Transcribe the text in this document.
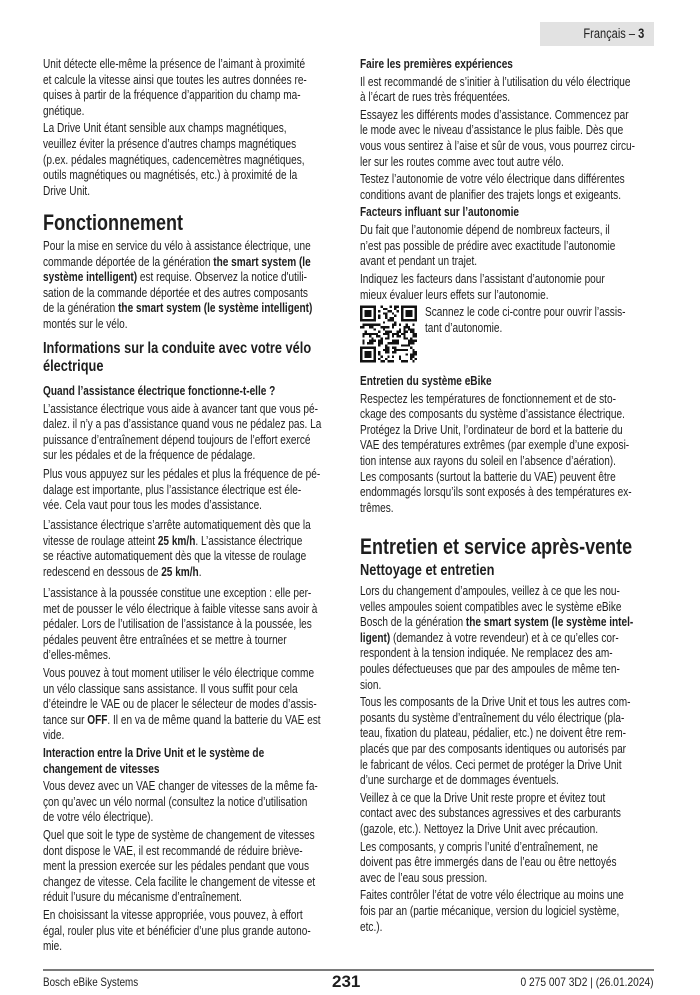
Français – 3
Unit détecte elle-même la présence de l’aimant à proximité
et calcule la vitesse ainsi que toutes les autres données re-
quises à partir de la fréquence d’apparition du champ ma-
gnétique.
La Drive Unit étant sensible aux champs magnétiques,
veuillez éviter la présence d’autres champs magnétiques
(p.ex. pédales magnétiques, cadencemètres magnétiques,
outils magnétiques ou magnétisés, etc.) à proximité de la
Drive Unit.
Fonctionnement
Pour la mise en service du vélo à assistance électrique, une
commande déportée de la génération the smart system (le
système intelligent) est requise. Observez la notice d'utili-
sation de la commande déportée et des autres composants
de la génération the smart system (le système intelligent)
montés sur le vélo.
Informations sur la conduite avec votre vélo
électrique
Quand l’assistance électrique fonctionne-t-elle ?
L’assistance électrique vous aide à avancer tant que vous pé-
dalez. il n’y a pas d’assistance quand vous ne pédalez pas. La
puissance d’entraînement dépend toujours de l’effort exercé
sur les pédales et de la fréquence de pédalage.
Plus vous appuyez sur les pédales et plus la fréquence de pé-
dalage est importante, plus l’assistance électrique est éle-
vée. Cela vaut pour tous les modes d’assistance.
L’assistance électrique s’arrête automatiquement dès que la
vitesse de roulage atteint 25 km/h. L’assistance électrique
se réactive automatiquement dès que la vitesse de roulage
redescend en dessous de 25 km/h.
L’assistance à la poussée constitue une exception : elle per-
met de pousser le vélo électrique à faible vitesse sans avoir à
pédaler. Lors de l’utilisation de l’assistance à la poussée, les
pédales peuvent être entraînées et se mettre à tourner
d’elles-mêmes.
Vous pouvez à tout moment utiliser le vélo électrique comme
un vélo classique sans assistance. Il vous suffit pour cela
d’éteindre le VAE ou de placer le sélecteur de modes d’assis-
tance sur OFF. Il en va de même quand la batterie du VAE est
vide.
Interaction entre la Drive Unit et le système de
changement de vitesses
Vous devez avec un VAE changer de vitesses de la même fa-
çon qu’avec un vélo normal (consultez la notice d’utilisation
de votre vélo électrique).
Quel que soit le type de système de changement de vitesses
dont dispose le VAE, il est recommandé de réduire brièvе-
ment la pression exercée sur les pédales pendant que vous
changez de vitesse. Cela facilite le changement de vitesse et
réduit l’usure du mécanisme d’entraînement.
En choisissant la vitesse appropriée, vous pouvez, à effort
égal, rouler plus vite et bénéficier d’une plus grande autono-
mie.
Faire les premières expériences
Il est recommandé de s’initier à l’utilisation du vélo électrique
à l’écart de rues très fréquentées.
Essayez les différents modes d’assistance. Commencez par
le mode avec le niveau d’assistance le plus faible. Dès que
vous vous sentirez à l’aise et sûr de vous, vous pourrez circu-
ler sur les routes comme avec tout autre vélo.
Testez l’autonomie de votre vélo électrique dans différentes
conditions avant de planifier des trajets longs et exigeants.
Facteurs influant sur l’autonomie
Du fait que l’autonomie dépend de nombreux facteurs, il
n’est pas possible de prédire avec exactitude l’autonomie
avant et pendant un trajet.
Indiquez les facteurs dans l’assistant d’autonomie pour
mieux évaluer leurs effets sur l’autonomie.
Scannez le code ci-contre pour ouvrir l’assis-
tant d’autonomie.
Entretien du système eBike
Respectez les températures de fonctionnement et de sto-
ckage des composants du système d’assistance électrique.
Protégez la Drive Unit, l’ordinateur de bord et la batterie du
VAE des températures extrêmes (par exemple d’une exposi-
tion intense aux rayons du soleil en l’absence d’aération).
Les composants (surtout la batterie du VAE) peuvent être
endommagés lorsqu’ils sont exposés à des températures ex-
trêmes.
Entretien et service après-vente
Nettoyage et entretien
Lors du changement d’ampoules, veillez à ce que les nou-
velles ampoules soient compatibles avec le système eBike
Bosch de la génération the smart system (le système intel-
ligent) (demandez à votre revendeur) et à ce qu’elles cor-
respondent à la tension indiquée. Ne remplacez des am-
poules défectueuses que par des ampoules de même ten-
sion.
Tous les composants de la Drive Unit et tous les autres com-
posants du système d’entraînement du vélo électrique (pla-
teau, fixation du plateau, pédalier, etc.) ne doivent être rem-
placés que par des composants identiques ou autorisés par
le fabricant de vélos. Ceci permet de protéger la Drive Unit
d’une surcharge et de dommages éventuels.
Veillez à ce que la Drive Unit reste propre et évitez tout
contact avec des substances agressives et des carburants
(gazole, etc.). Nettoyez la Drive Unit avec précaution.
Les composants, y compris l’unité d’entraînement, ne
doivent pas être immergés dans de l’eau ou être nettoyés
avec de l’eau sous pression.
Faites contrôler l’état de votre vélo électrique au moins une
fois par an (partie mécanique, version du logiciel système,
etc.).
Bosch eBike Systems	231	0 275 007 3D2 | (26.01.2024)
